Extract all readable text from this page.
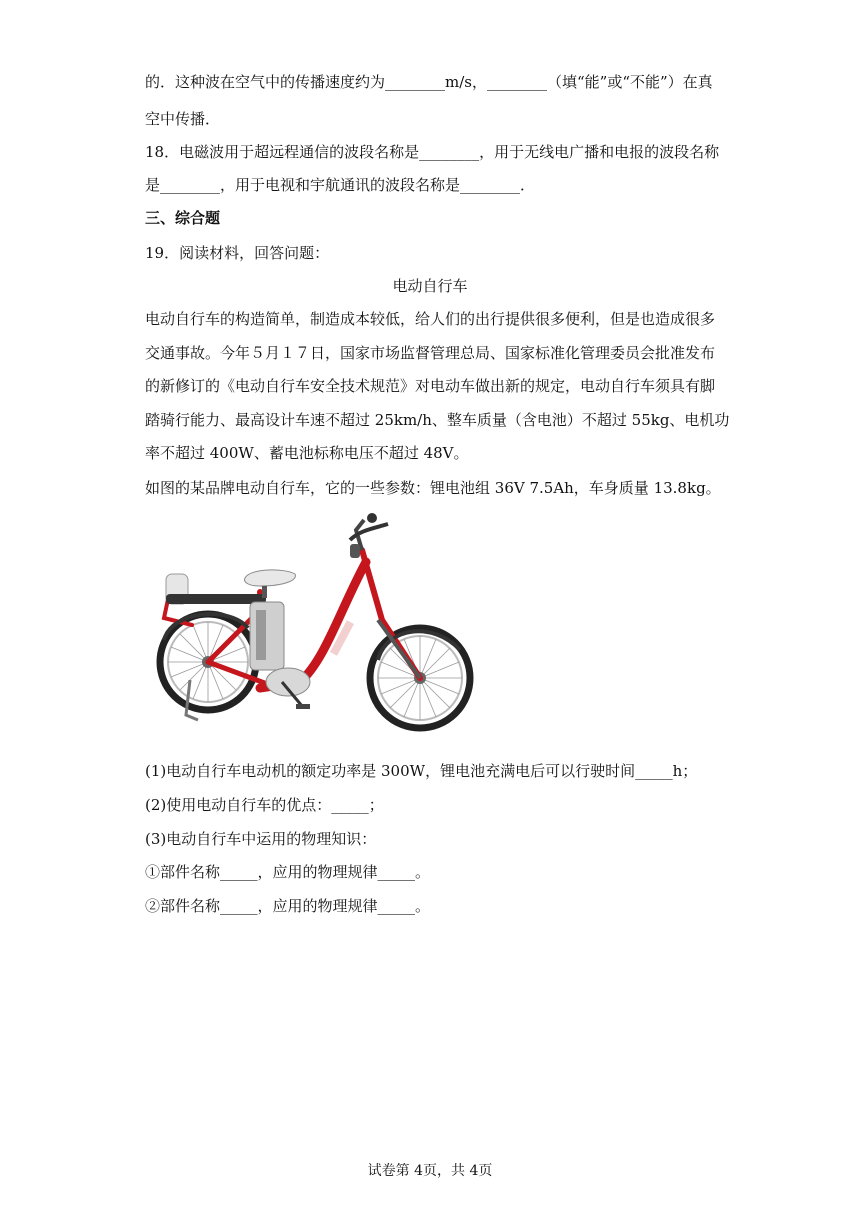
的．这种波在空气中的传播速度约为________m/s，________（填“能”或“不能”）在真
空中传播．
18．电磁波用于超远程通信的波段名称是________，用于无线电广播和电报的波段名称
是________，用于电视和宇航通讯的波段名称是________．
三、综合题
19．阅读材料，回答问题：
电动自行车
电动自行车的构造简单，制造成本较低，给人们的出行提供很多便利，但是也造成很多
交通事故。今年５月１７日，国家市场监督管理总局、国家标准化管理委员会批准发布
的新修订的《电动自行车安全技术规范》对电动车做出新的规定，电动自行车须具有脚
踏骑行能力、最高设计车速不超过 25km/h、整车质量（含电池）不超过 55kg、电机功
率不超过 400W、蓄电池标称电压不超过 48V。
如图的某品牌电动自行车，它的一些参数：锂电池组 36V 7.5Ah，车身质量 13.8kg。
(1)电动自行车电动机的额定功率是 300W，锂电池充满电后可以行驶时间_____h；
(2)使用电动自行车的优点：_____；
(3)电动自行车中运用的物理知识：
①部件名称_____，应用的物理规律_____。
②部件名称_____，应用的物理规律_____。
试卷第 4页，共 4页
